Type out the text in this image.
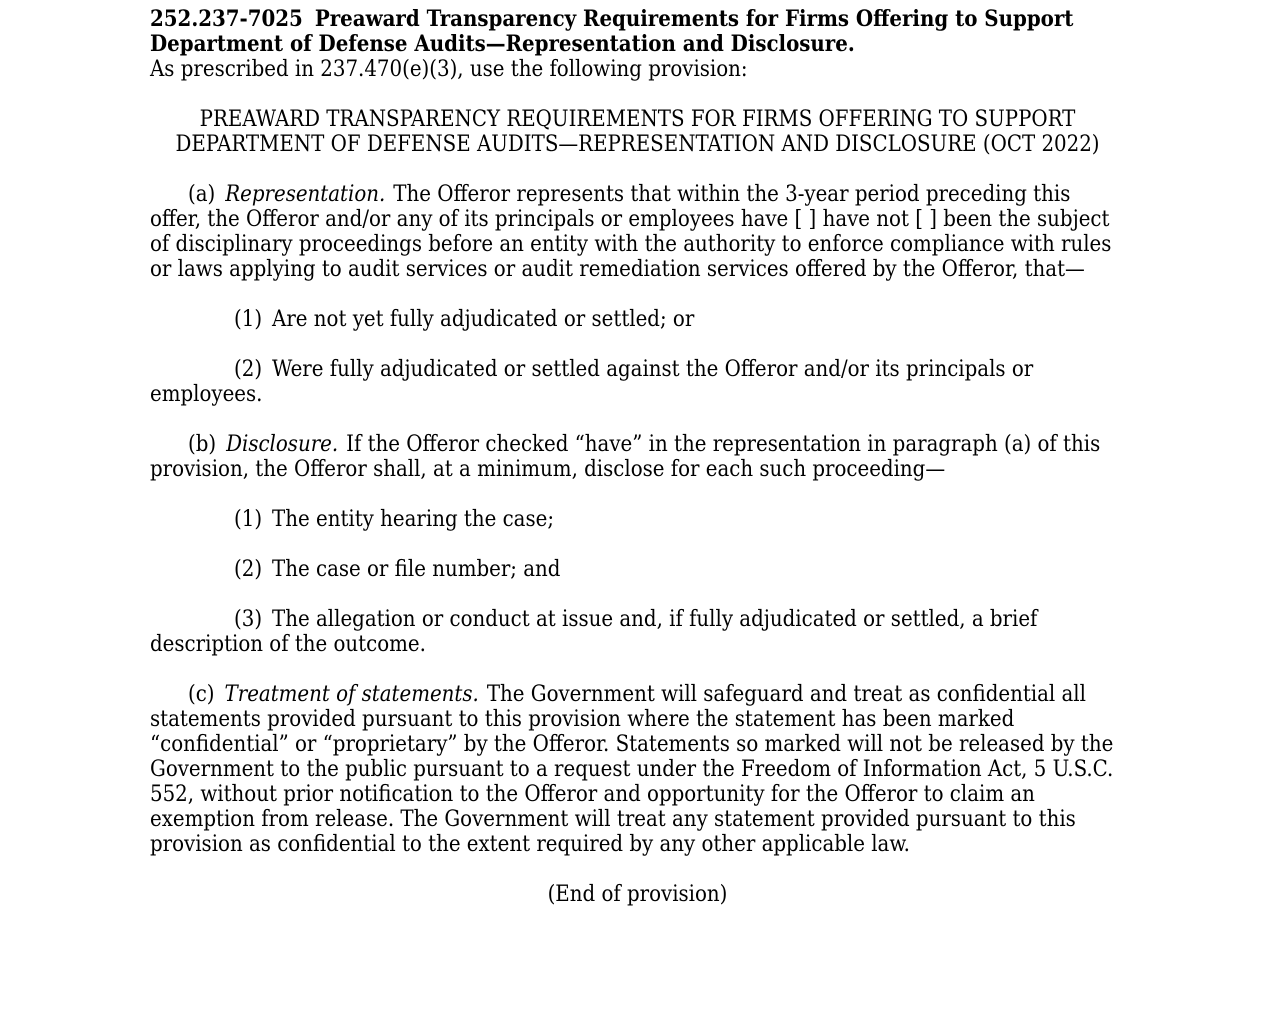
252.237-7025 Preaward Transparency Requirements for Firms Offering to Support Department of Defense Audits—Representation and Disclosure.

As prescribed in 237.470(e)(3), use the following provision:

PREAWARD TRANSPARENCY REQUIREMENTS FOR FIRMS OFFERING TO SUPPORT DEPARTMENT OF DEFENSE AUDITS—REPRESENTATION AND DISCLOSURE (OCT 2022)

(a) Representation. The Offeror represents that within the 3-year period preceding this offer, the Offeror and/or any of its principals or employees have [ ] have not [ ] been the subject of disciplinary proceedings before an entity with the authority to enforce compliance with rules or laws applying to audit services or audit remediation services offered by the Offeror, that—

(1) Are not yet fully adjudicated or settled; or

(2) Were fully adjudicated or settled against the Offeror and/or its principals or employees.

(b) Disclosure. If the Offeror checked “have” in the representation in paragraph (a) of this provision, the Offeror shall, at a minimum, disclose for each such proceeding—

(1) The entity hearing the case;

(2) The case or file number; and

(3) The allegation or conduct at issue and, if fully adjudicated or settled, a brief description of the outcome.

(c) Treatment of statements. The Government will safeguard and treat as confidential all statements provided pursuant to this provision where the statement has been marked “confidential” or “proprietary” by the Offeror. Statements so marked will not be released by the Government to the public pursuant to a request under the Freedom of Information Act, 5 U.S.C. 552, without prior notification to the Offeror and opportunity for the Offeror to claim an exemption from release. The Government will treat any statement provided pursuant to this provision as confidential to the extent required by any other applicable law.

(End of provision)
